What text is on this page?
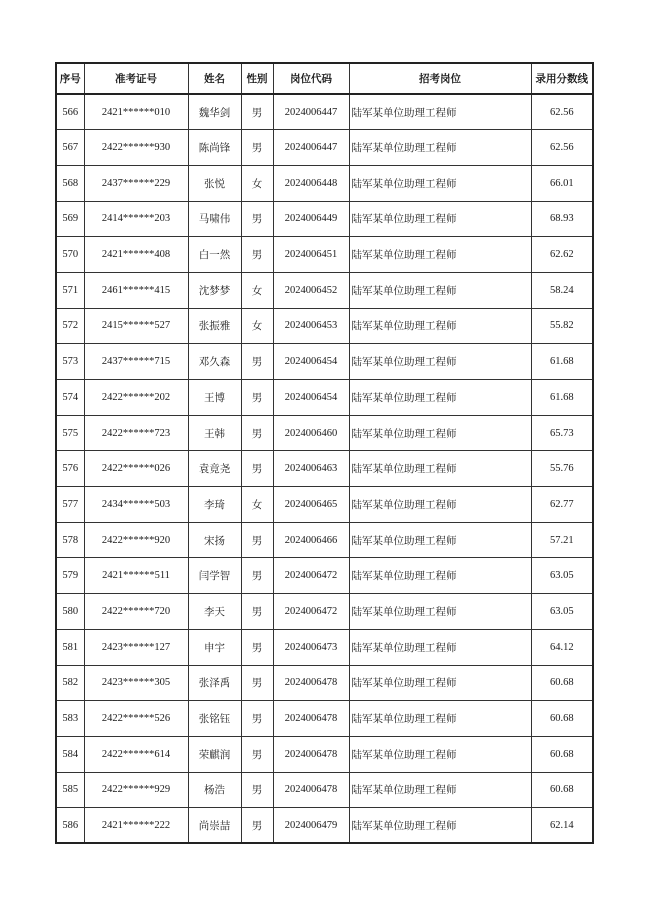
序号	准考证号	姓名	性别	岗位代码	招考岗位	录用分数线
566	2421******010	魏华剑	男	2024006447	陆军某单位助理工程师	62.56
567	2422******930	陈尚锋	男	2024006447	陆军某单位助理工程师	62.56
568	2437******229	张悦	女	2024006448	陆军某单位助理工程师	66.01
569	2414******203	马啸伟	男	2024006449	陆军某单位助理工程师	68.93
570	2421******408	白一然	男	2024006451	陆军某单位助理工程师	62.62
571	2461******415	沈梦梦	女	2024006452	陆军某单位助理工程师	58.24
572	2415******527	张振雅	女	2024006453	陆军某单位助理工程师	55.82
573	2437******715	邓久森	男	2024006454	陆军某单位助理工程师	61.68
574	2422******202	王博	男	2024006454	陆军某单位助理工程师	61.68
575	2422******723	王韩	男	2024006460	陆军某单位助理工程师	65.73
576	2422******026	袁竟尧	男	2024006463	陆军某单位助理工程师	55.76
577	2434******503	李琦	女	2024006465	陆军某单位助理工程师	62.77
578	2422******920	宋扬	男	2024006466	陆军某单位助理工程师	57.21
579	2421******511	闫学智	男	2024006472	陆军某单位助理工程师	63.05
580	2422******720	李天	男	2024006472	陆军某单位助理工程师	63.05
581	2423******127	申宇	男	2024006473	陆军某单位助理工程师	64.12
582	2423******305	张泽禹	男	2024006478	陆军某单位助理工程师	60.68
583	2422******526	张铭钰	男	2024006478	陆军某单位助理工程师	60.68
584	2422******614	荣麒润	男	2024006478	陆军某单位助理工程师	60.68
585	2422******929	杨浩	男	2024006478	陆军某单位助理工程师	60.68
586	2421******222	尚崇喆	男	2024006479	陆军某单位助理工程师	62.14
